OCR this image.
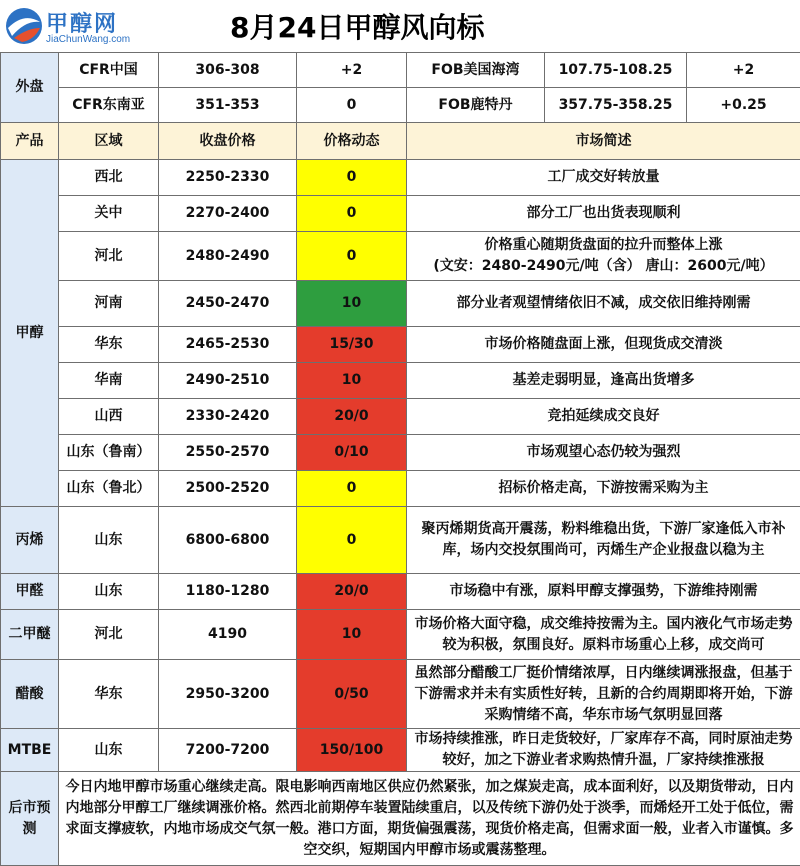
甲醇网
JiaChunWang.com	8月24日甲醇风向标
外盘	CFR中国	306-308	+2	FOB美国海湾	107.75-108.25	+2
	CFR东南亚	351-353	0	FOB鹿特丹	357.75-358.25	+0.25
产品	区域	收盘价格	价格动态	市场简述		
甲醇	西北	2250-2330	0	工厂成交好转放量		
	关中	2270-2400	0	部分工厂也出货表现顺利		
	河北	2480-2490	0	价格重心随期货盘面的拉升而整体上涨
(文安：2480-2490元/吨（含） 唐山：2600元/吨）		
	河南	2450-2470	10	部分业者观望情绪依旧不减，成交依旧维持刚需		
	华东	2465-2530	15/30	市场价格随盘面上涨，但现货成交清淡		
	华南	2490-2510	10	基差走弱明显，逢高出货增多		
	山西	2330-2420	20/0	竞拍延续成交良好		
	山东（鲁南）	2550-2570	0/10	市场观望心态仍较为强烈		
	山东（鲁北）	2500-2520	0	招标价格走高，下游按需采购为主		
丙烯	山东	6800-6800	0	聚丙烯期货高开震荡，粉料维稳出货，下游厂家逢低入市补库，场内交投氛围尚可，丙烯生产企业报盘以稳为主		
甲醛	山东	1180-1280	20/0	市场稳中有涨，原料甲醇支撑强势，下游维持刚需		
二甲醚	河北	4190	10	市场价格大面守稳，成交维持按需为主。国内液化气市场走势较为积极，氛围良好。原料市场重心上移，成交尚可		
醋酸	华东	2950-3200	0/50	虽然部分醋酸工厂挺价情绪浓厚，日内继续调涨报盘，但基于下游需求并未有实质性好转，且新的合约周期即将开始，下游采购情绪不高，华东市场气氛明显回落		
MTBE	山东	7200-7200	150/100	市场持续推涨，昨日走货较好，厂家库存不高，同时原油走势较好，加之下游业者求购热情升温，厂家持续推涨报		
后市预测	今日内地甲醇市场重心继续走高。限电影响西南地区供应仍然紧张，加之煤炭走高，成本面利好，以及期货带动，日内内地部分甲醇工厂继续调涨价格。然西北前期停车装置陆续重启，以及传统下游仍处于淡季，而烯烃开工处于低位，需求面支撑疲软，内地市场成交气氛一般。港口方面，期货偏强震荡，现货价格走高，但需求面一般，业者入市谨慎。多空交织，短期国内甲醇市场或震荡整理。					
